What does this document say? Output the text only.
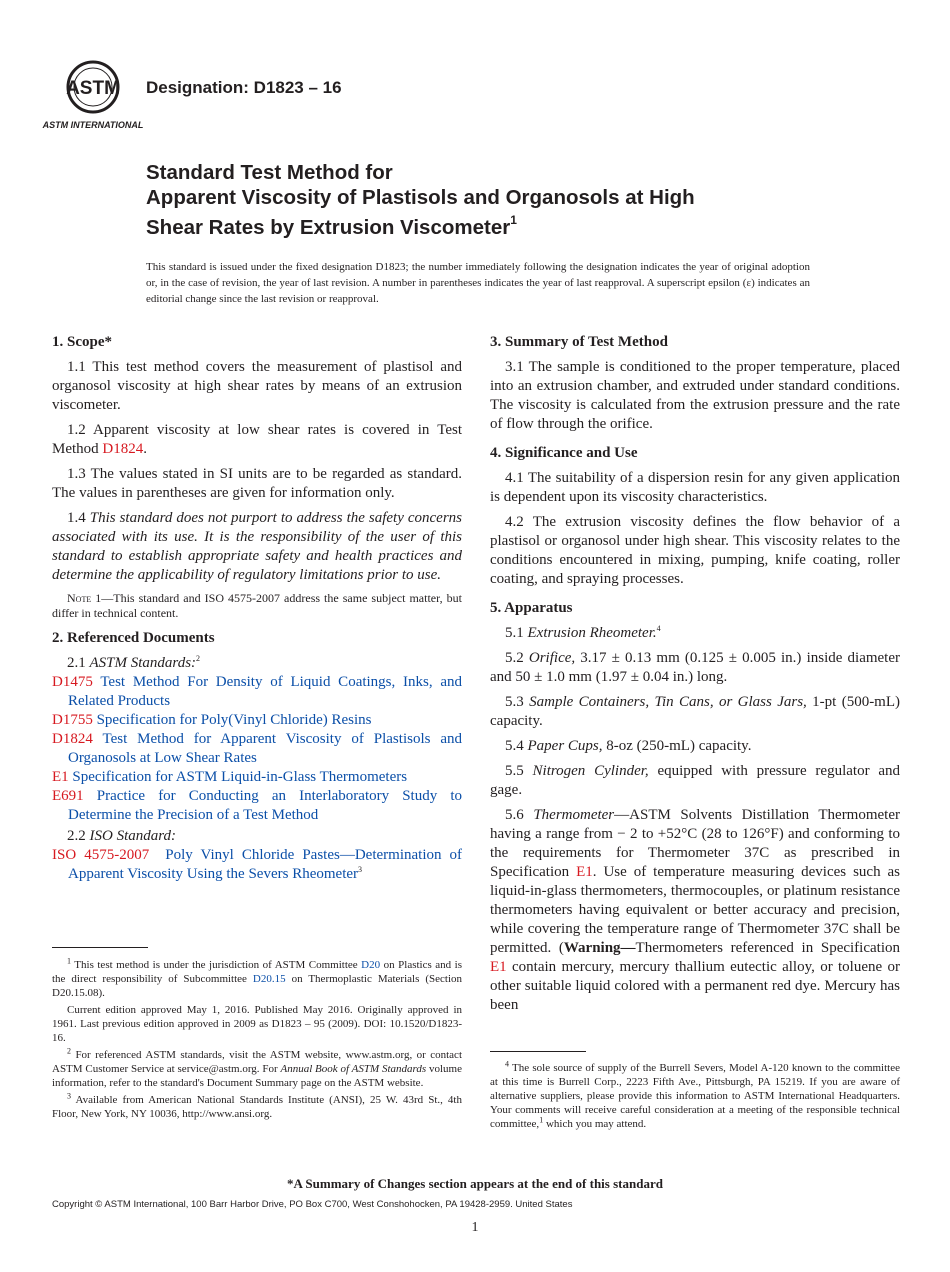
ASTM
ASTM INTERNATIONAL
Designation: D1823 – 16
Standard Test Method for
Apparent Viscosity of Plastisols and Organosols at High
Shear Rates by Extrusion Viscometer$^1$
This standard is issued under the fixed designation D1823; the number immediately following the designation indicates the year of original adoption or, in the case of revision, the year of last revision. A number in parentheses indicates the year of last reapproval. A superscript epsilon (ε) indicates an editorial change since the last revision or reapproval.
1. Scope*

1.1 This test method covers the measurement of plastisol and organosol viscosity at high shear rates by means of an extrusion viscometer.

1.2 Apparent viscosity at low shear rates is covered in Test Method D1824.

1.3 The values stated in SI units are to be regarded as standard. The values in parentheses are given for information only.

1.4 This standard does not purport to address the safety concerns associated with its use. It is the responsibility of the user of this standard to establish appropriate safety and health practices and determine the applicability of regulatory limitations prior to use.

Note 1—This standard and ISO 4575-2007 address the same subject matter, but differ in technical content.
2. Referenced Documents

2.1 ASTM Standards:$^2$

D1475 Test Method For Density of Liquid Coatings, Inks, and Related Products

D1755 Specification for Poly(Vinyl Chloride) Resins

D1824 Test Method for Apparent Viscosity of Plastisols and Organosols at Low Shear Rates

E1 Specification for ASTM Liquid-in-Glass Thermometers

E691 Practice for Conducting an Interlaboratory Study to Determine the Precision of a Test Method

2.2 ISO Standard:

ISO 4575-2007 Poly Vinyl Chloride Pastes—Determination of Apparent Viscosity Using the Severs Rheometer$^3$

$^1$ This test method is under the jurisdiction of ASTM Committee D20 on Plastics and is the direct responsibility of Subcommittee D20.15 on Thermoplastic Materials (Section D20.15.08).

Current edition approved May 1, 2016. Published May 2016. Originally approved in 1961. Last previous edition approved in 2009 as D1823 – 95 (2009). DOI: 10.1520/D1823-16.

$^2$ For referenced ASTM standards, visit the ASTM website, www.astm.org, or contact ASTM Customer Service at service@astm.org. For Annual Book of ASTM Standards volume information, refer to the standard's Document Summary page on the ASTM website.

$^3$ Available from American National Standards Institute (ANSI), 25 W. 43rd St., 4th Floor, New York, NY 10036, http://www.ansi.org.

3. Summary of Test Method

3.1 The sample is conditioned to the proper temperature, placed into an extrusion chamber, and extruded under standard conditions. The viscosity is calculated from the extrusion pressure and the rate of flow through the orifice.

4. Significance and Use

4.1 The suitability of a dispersion resin for any given application is dependent upon its viscosity characteristics.

4.2 The extrusion viscosity defines the flow behavior of a plastisol or organosol under high shear. This viscosity relates to the conditions encountered in mixing, pumping, knife coating, roller coating, and spraying processes.

5. Apparatus

5.1 Extrusion Rheometer.$^4$

5.2 Orifice, 3.17 ± 0.13 mm (0.125 ± 0.005 in.) inside diameter and 50 ± 1.0 mm (1.97 ± 0.04 in.) long.

5.3 Sample Containers, Tin Cans, or Glass Jars, 1-pt (500-mL) capacity.

5.4 Paper Cups, 8-oz (250-mL) capacity.

5.5 Nitrogen Cylinder, equipped with pressure regulator and gage.

5.6 Thermometer—ASTM Solvents Distillation Thermometer having a range from − 2 to +52°C (28 to 126°F) and conforming to the requirements for Thermometer 37C as prescribed in Specification E1. Use of temperature measuring devices such as liquid-in-glass thermometers, thermocouples, or platinum resistance thermometers having equivalent or better accuracy and precision, while covering the temperature range of Thermometer 37C shall be permitted. (Warning—Thermometers referenced in Specification E1 contain mercury, mercury thallium eutectic alloy, or toluene or other suitable liquid colored with a permanent red dye. Mercury has been

$^4$ The sole source of supply of the Burrell Severs, Model A-120 known to the committee at this time is Burrell Corp., 2223 Fifth Ave., Pittsburgh, PA 15219. If you are aware of alternative suppliers, please provide this information to ASTM International Headquarters. Your comments will receive careful consideration at a meeting of the responsible technical committee,$^1$ which you may attend.

*A Summary of Changes section appears at the end of this standard
Copyright © ASTM International, 100 Barr Harbor Drive, PO Box C700, West Conshohocken, PA 19428-2959. United States
1
